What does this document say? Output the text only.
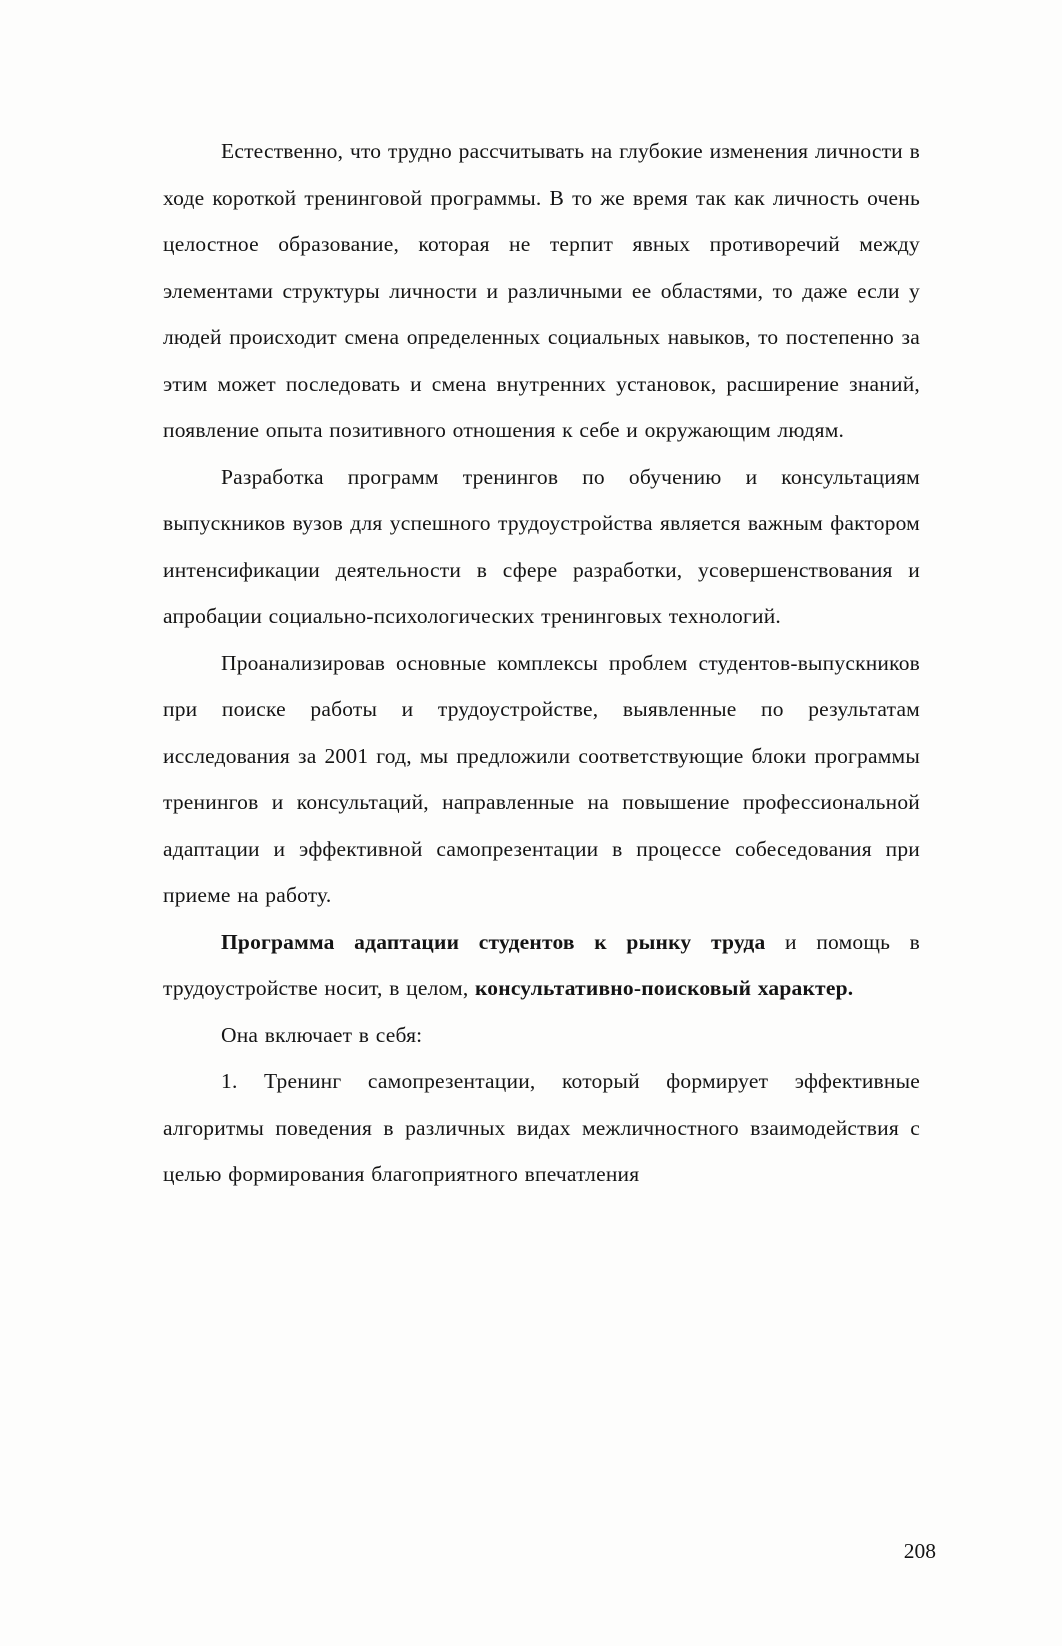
Естественно, что трудно рассчитывать на глубокие изменения личности в ходе короткой тренинговой программы. В то же время так как личность очень целостное образование, которая не терпит явных противоречий между элементами структуры личности и различными ее областями, то даже если у людей происходит смена определенных социальных навыков, то постепенно за этим может последовать и смена внутренних установок, расширение знаний, появление опыта позитивного отношения к себе и окружающим людям.

Разработка программ тренингов по обучению и консультациям выпускников вузов для успешного трудоустройства является важным фактором интенсификации деятельности в сфере разработки, усовершенствования и апробации социально-психологических тренинговых технологий.

Проанализировав основные комплексы проблем студентов-выпускников при поиске работы и трудоустройстве, выявленные по результатам исследования за 2001 год, мы предложили соответствующие блоки программы тренингов и консультаций, направленные на повышение профессиональной адаптации и эффективной самопрезентации в процессе собеседования при приеме на работу.

Программа адаптации студентов к рынку труда и помощь в трудоустройстве носит, в целом, консультативно-поисковый характер.

Она включает в себя:

1. Тренинг самопрезентации, который формирует эффективные алгоритмы поведения в различных видах межличностного взаимодействия с целью формирования благоприятного впечатления

208
